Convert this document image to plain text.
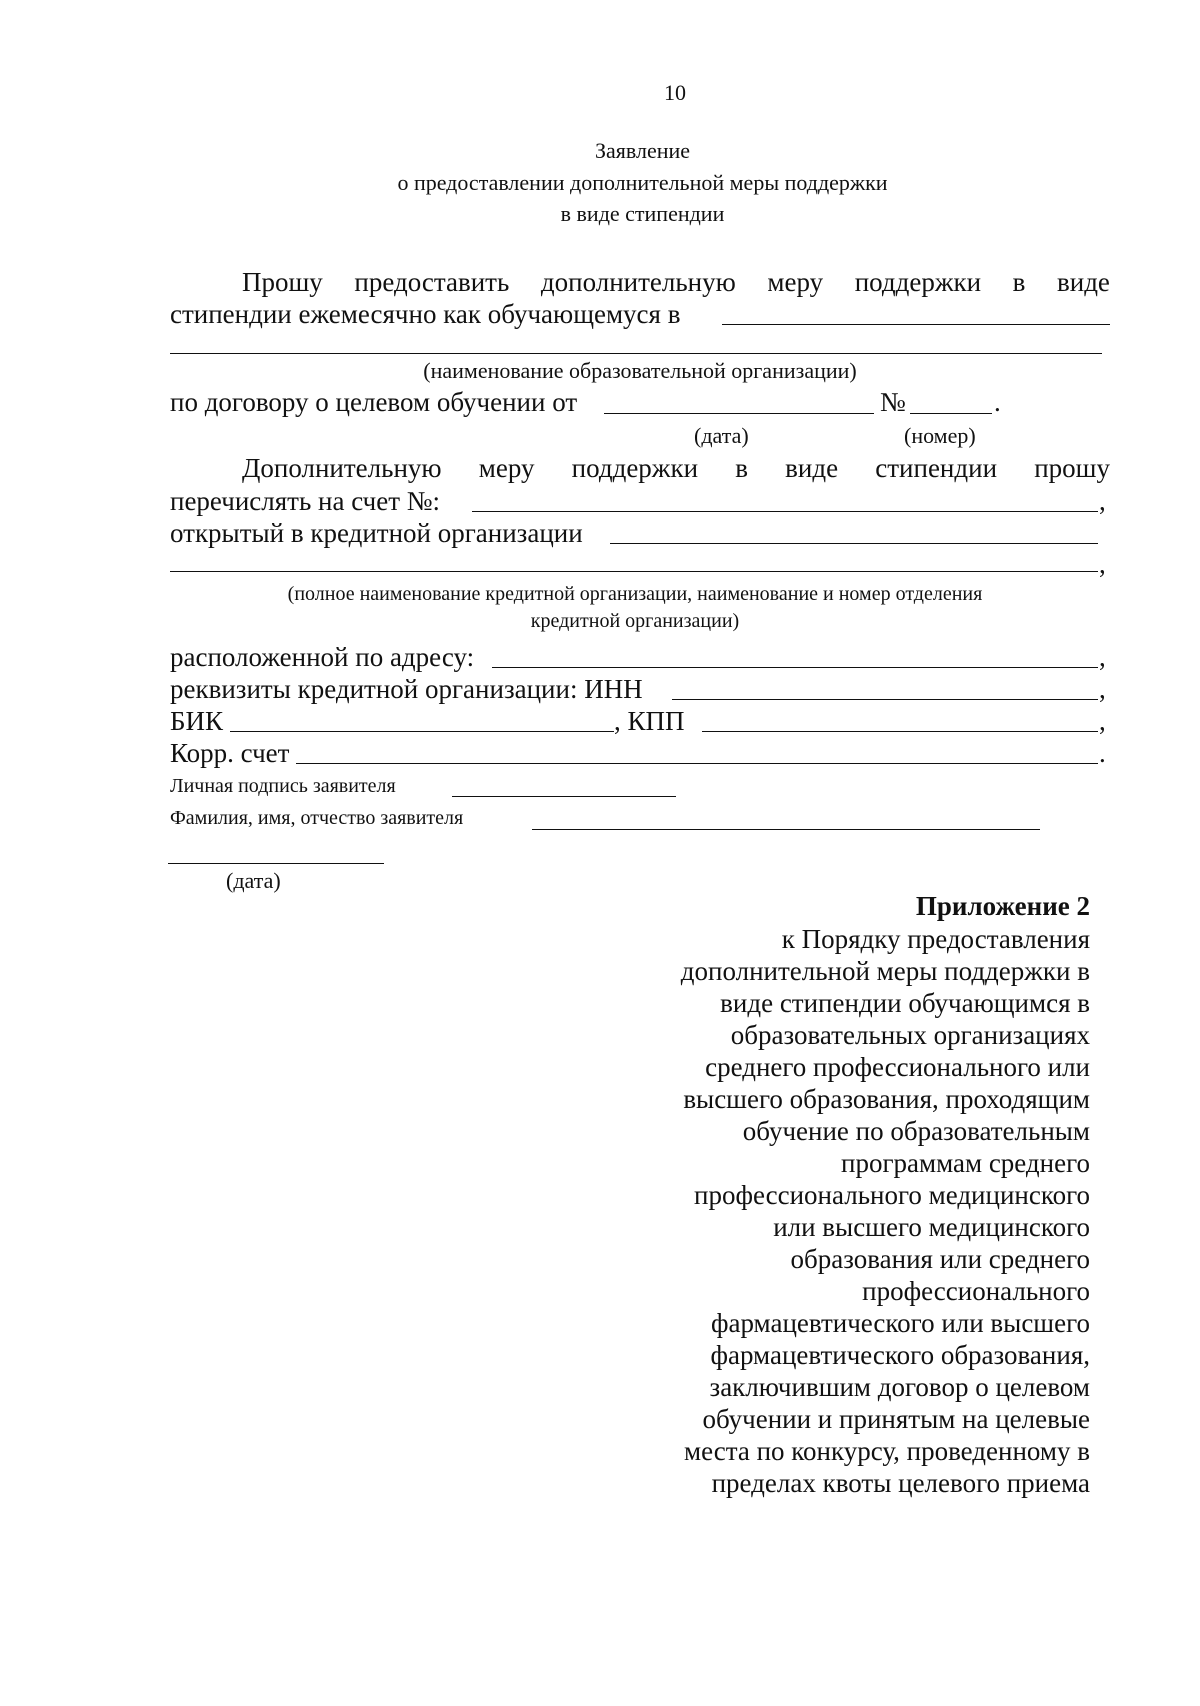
10
Заявление
о предоставлении дополнительной меры поддержки
в виде стипендии
Прошу предоставить дополнительную меру поддержки в виде
стипендии ежемесячно как обучающемуся в
(наименование образовательной организации)
по договору о целевом обучении от	№	.
(дата)	(номер)
Дополнительную меру поддержки в виде стипендии прошу
перечислять на счет №:	,
открытый в кредитной организации
,
(полное наименование кредитной организации, наименование и номер отделения
кредитной организации)
расположенной по адресу:	,
реквизиты кредитной организации: ИНН	,
БИК	, КПП	,
Корр. счет	.
Личная подпись заявителя
Фамилия, имя, отчество заявителя
(дата)
Приложение 2
к Порядку предоставления
дополнительной меры поддержки в
виде стипендии обучающимся в
образовательных организациях
среднего профессионального или
высшего образования, проходящим
обучение по образовательным
программам среднего
профессионального медицинского
или высшего медицинского
образования или среднего
профессионального
фармацевтического или высшего
фармацевтического образования,
заключившим договор о целевом
обучении и принятым на целевые
места по конкурсу, проведенному в
пределах квоты целевого приема
